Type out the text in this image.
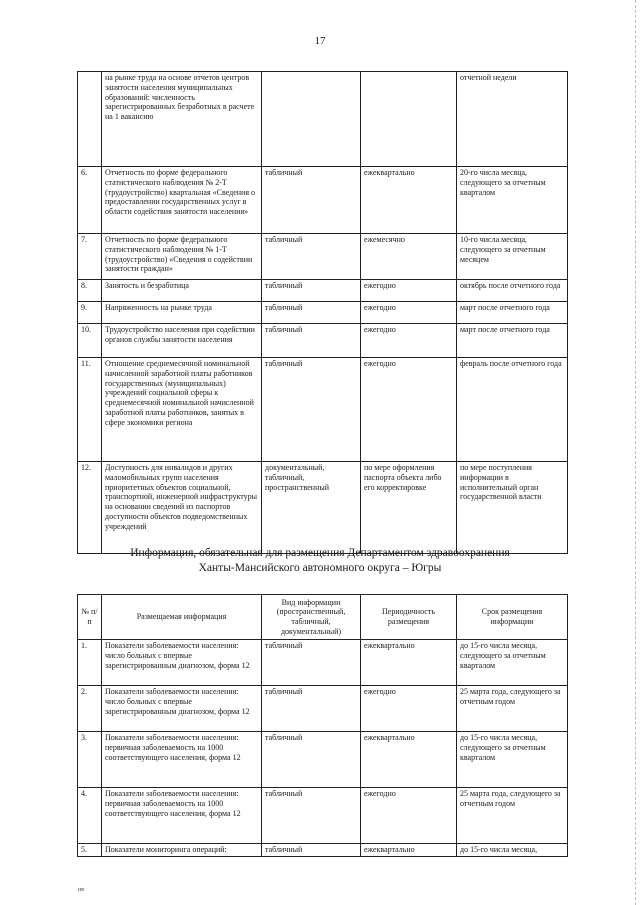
17
	на рынке труда на основе отчетов центров занятости населения муниципальных образований: численность зарегистрированных безработных в расчете на 1 вакансию			отчетной недели
6.	Отчетность по форме федерального статистического наблюдения № 2-Т (трудоустройство) квартальная «Сведения о предоставлении государственных услуг в области содействия занятости населения»	табличный	ежеквартально	20-го числа месяца, следующего за отчетным кварталом
7.	Отчетность по форме федерального статистического наблюдения № 1-Т (трудоустройство) «Сведения о содействии занятости граждан»	табличный	ежемесячно	10-го числа месяца, следующего за отчетным месяцем
8.	Занятость и безработица	табличный	ежегодно	октябрь после отчетного года
9.	Напряженность на рынке труда	табличный	ежегодно	март после отчетного года
10.	Трудоустройство населения при содействии органов службы занятости населения	табличный	ежегодно	март после отчетного года
11.	Отношение среднемесячной номинальной начисленной заработной платы работников государственных (муниципальных) учреждений социальной сферы к среднемесячной номинальной начисленной заработной платы работников, занятых в сфере экономики региона	табличный	ежегодно	февраль после отчетного года
12.	Доступность для инвалидов и других маломобильных групп населения приоритетных объектов социальной, транспортной, инженерной инфраструктуры на основании сведений из паспортов доступности объектов подведомственных учреждений	документальный, табличный, пространственный	по мере оформления паспорта объекта либо его корректировке	по мере поступления информации в исполнительный орган государственной власти
Информация, обязательная для размещения Департаментом здравоохранения
Ханты-Мансийского автономного округа – Югры
№ п/п	Размещаемая информация	Вид информации (пространственный, табличный, документальный)	Периодичность размещения	Срок размещения информации
1.	Показатели заболеваемости населения: число больных с впервые зарегистрированным диагнозом, форма 12	табличный	ежеквартально	до 15-го числа месяца, следующего за отчетным кварталом
2.	Показатели заболеваемости населения: число больных с впервые зарегистрированным диагнозом, форма 12	табличный	ежегодно	25 марта года, следующего за отчетным годом
3.	Показатели заболеваемости населения: первичная заболеваемость на 1000 соответствующего населения, форма 12	табличный	ежеквартально	до 15-го числа месяца, следующего за отчетным кварталом
4.	Показатели заболеваемости населения: первичная заболеваемость на 1000 соответствующего населения, форма 12	табличный	ежегодно	25 марта года, следующего за отчетным годом
5.	Показатели мониторинга операций:	табличный	ежеквартально	до 15-го числа месяца,
нв
